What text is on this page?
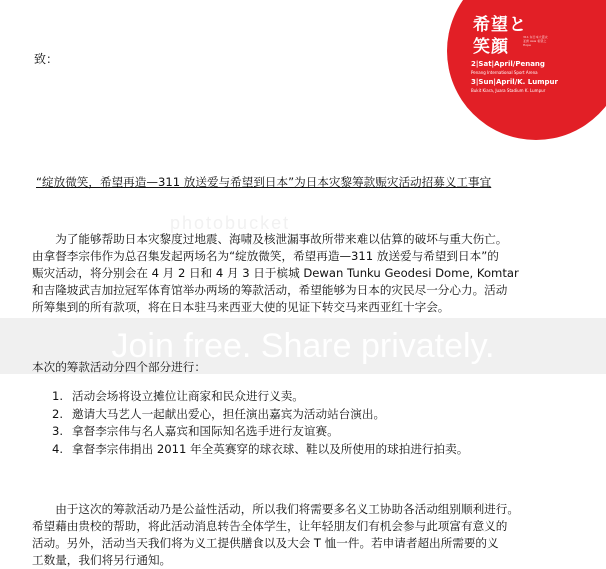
致：
希望と
笑顔	311 东日本大震灾 亚洲 Asia 希望之 Hope
2|Sat|April/Penang
Penang International Sport Arena
3|Sun|April/K. Lumpur
Bukit Kiara, Juara Stadium K. Lumpur
“绽放微笑，希望再造—311 放送爱与希望到日本”为日本灾黎筹款赈灾活动招募义工事宜
photobucket
　　为了能够帮助日本灾黎度过地震、海啸及核泄漏事故所带来难以估算的破坏与重大伤亡。
由拿督李宗伟作为总召集发起两场名为“绽放微笑，希望再造—311 放送爱与希望到日本”的
赈灾活动，将分别会在 4 月 2 日和 4 月 3 日于槟城 Dewan Tunku Geodesi Dome, Komtar
和吉隆坡武吉加拉冠军体育馆举办两场的筹款活动，希望能够为日本的灾民尽一分心力。活动
所筹集到的所有款项，将在日本驻马来西亚大使的见证下转交马来西亚红十字会。
Join free. Share privately.
本次的筹款活动分四个部分进行：
1. 活动会场将设立摊位让商家和民众进行义卖。
2. 邀请大马艺人一起献出爱心，担任演出嘉宾为活动站台演出。
3. 拿督李宗伟与名人嘉宾和国际知名选手进行友谊赛。
4. 拿督李宗伟捐出 2011 年全英赛穿的球衣球、鞋以及所使用的球拍进行拍卖。
　　由于这次的筹款活动乃是公益性活动，所以我们将需要多名义工协助各活动组别顺利进行。
希望藉由贵校的帮助，将此活动消息转告全体学生，让年轻朋友们有机会参与此项富有意义的
活动。另外，活动当天我们将为义工提供膳食以及大会 T 恤一件。若申请者超出所需要的义
工数量，我们将另行通知。
